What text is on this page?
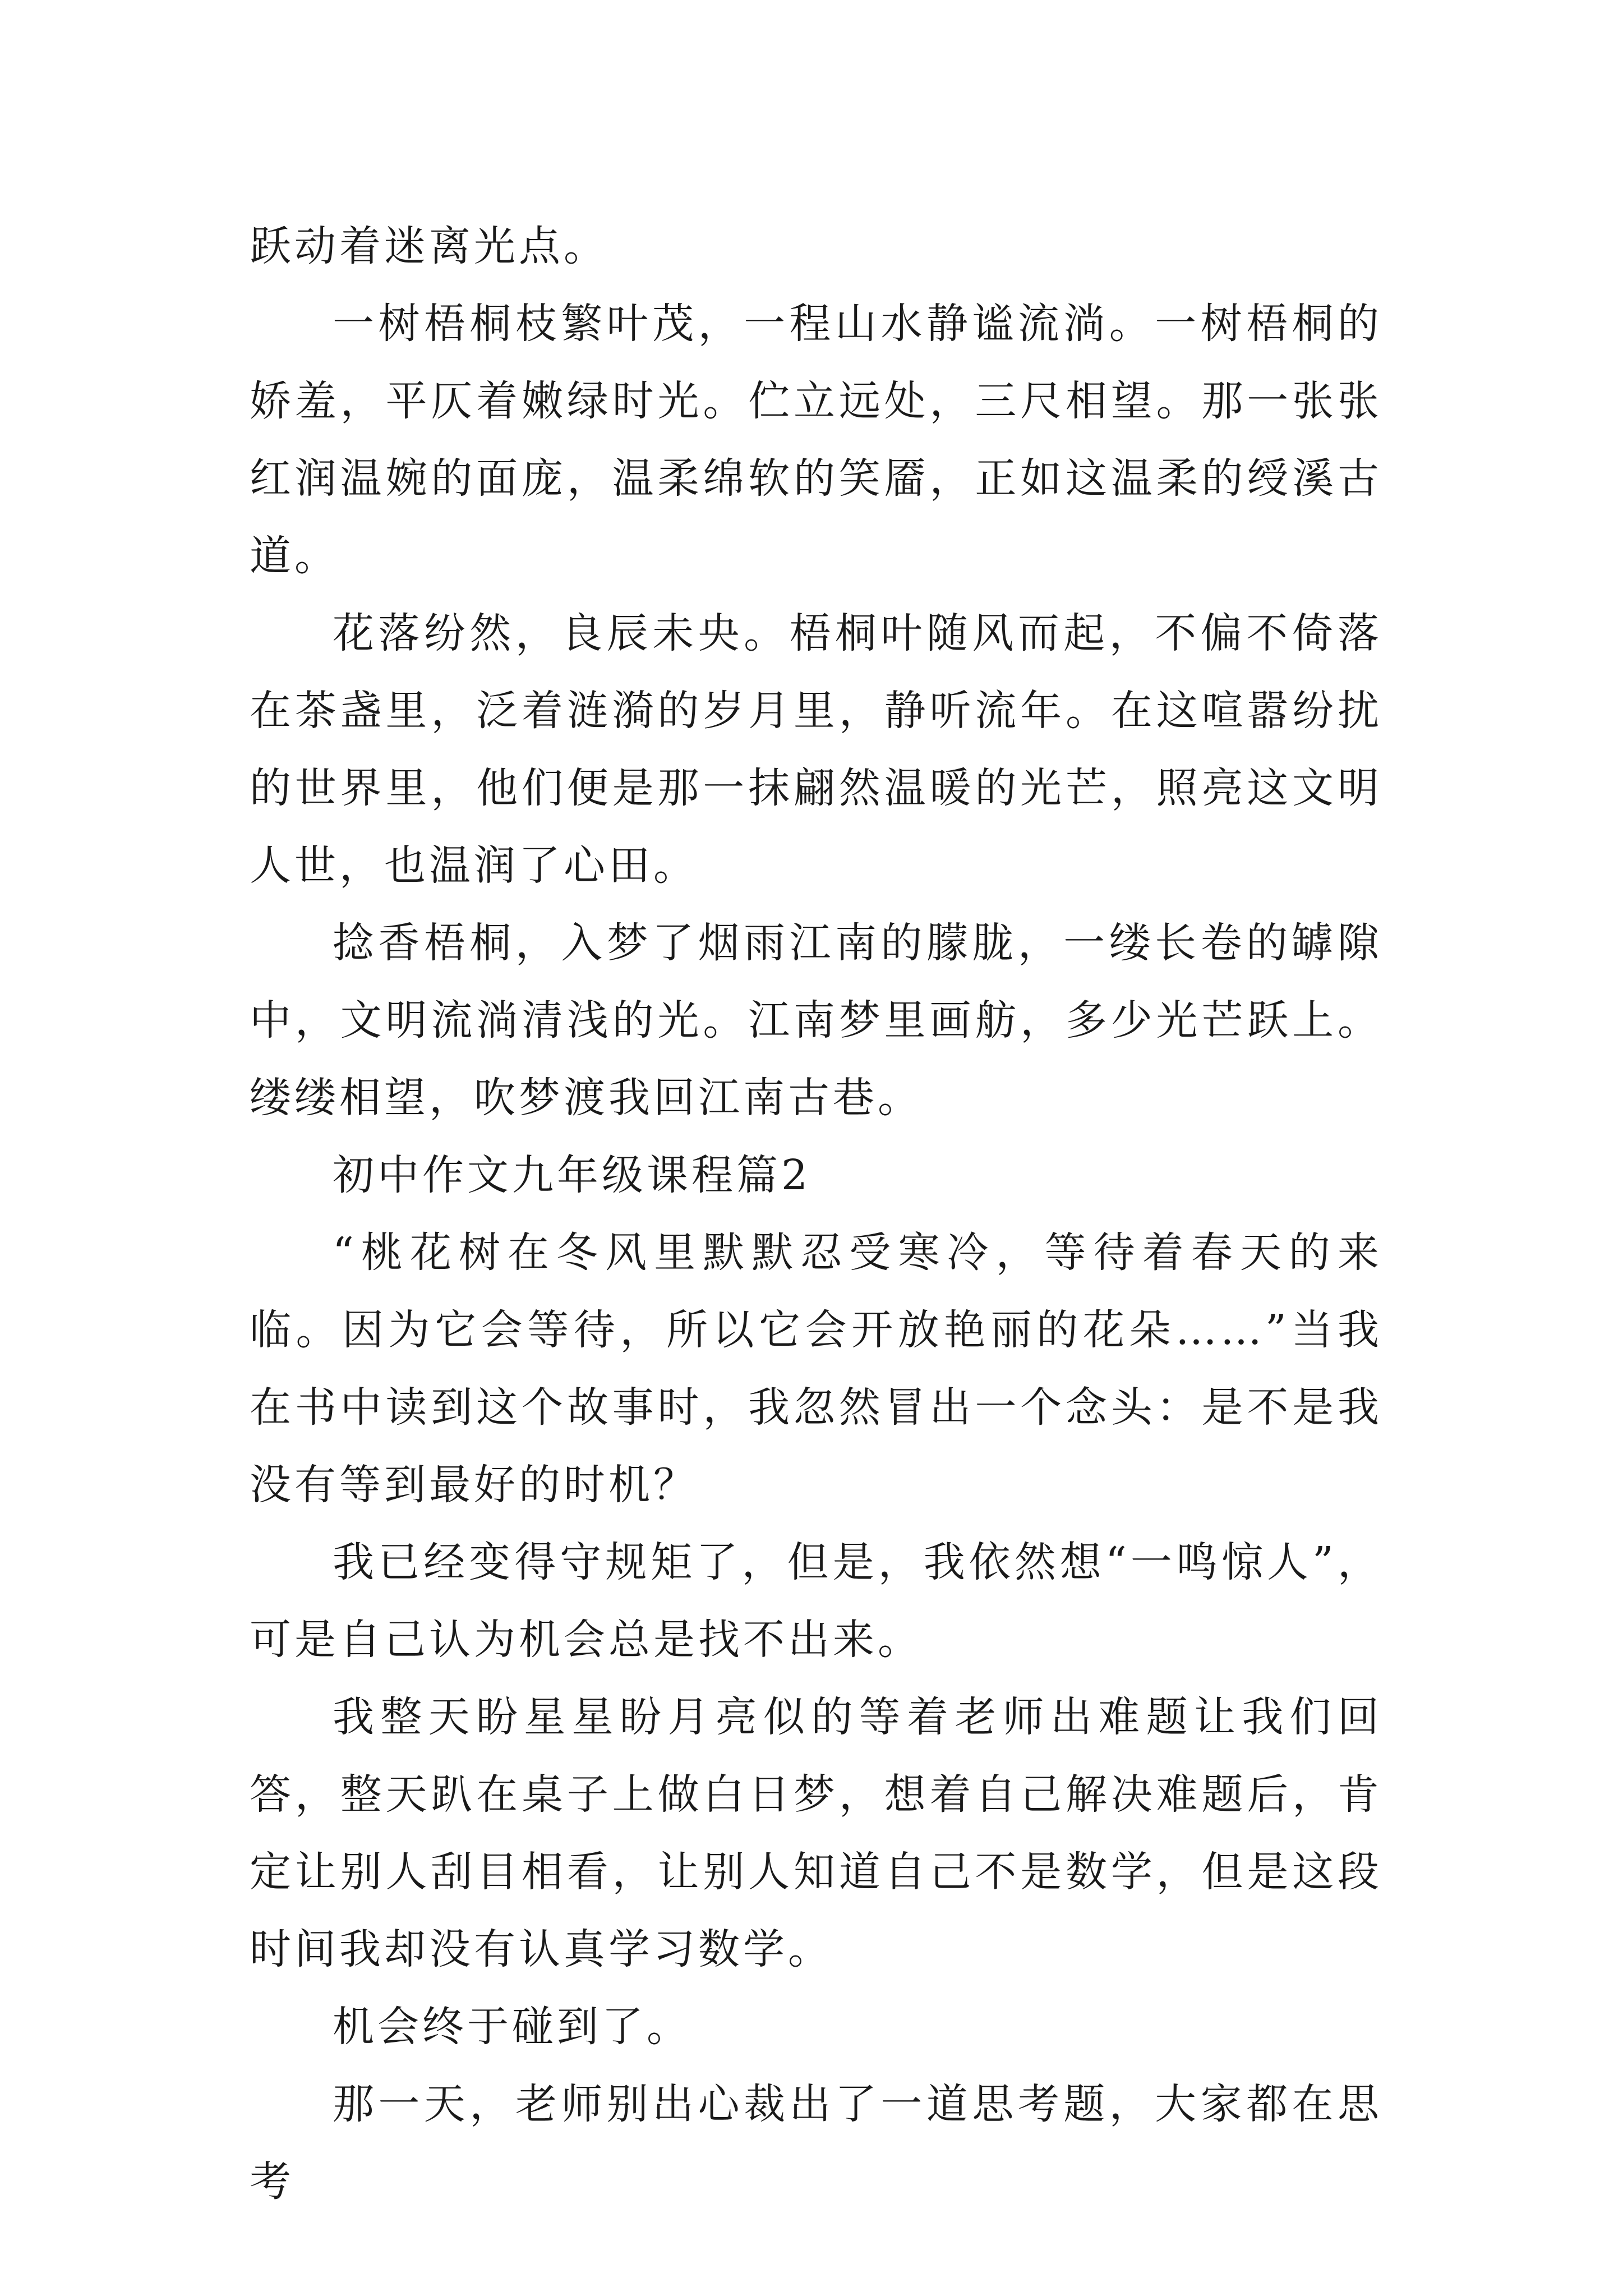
跃动着迷离光点。

一树梧桐枝繁叶茂，一程山水静谧流淌。一树梧桐的娇羞，平仄着嫩绿时光。伫立远处，三尺相望。那一张张红润温婉的面庞，温柔绵软的笑靥，正如这温柔的绶溪古道。

花落纷然，良辰未央。梧桐叶随风而起，不偏不倚落在茶盏里，泛着涟漪的岁月里，静听流年。在这喧嚣纷扰的世界里，他们便是那一抹翩然温暖的光芒，照亮这文明人世，也温润了心田。

捻香梧桐，入梦了烟雨江南的朦胧，一缕长卷的罅隙中，文明流淌清浅的光。江南梦里画舫，多少光芒跃上。缕缕相望，吹梦渡我回江南古巷。

初中作文九年级课程篇2

“桃花树在冬风里默默忍受寒冷，等待着春天的来临。因为它会等待，所以它会开放艳丽的花朵……”当我在书中读到这个故事时，我忽然冒出一个念头：是不是我没有等到最好的时机？

我已经变得守规矩了，但是，我依然想“一鸣惊人”，可是自己认为机会总是找不出来。

我整天盼星星盼月亮似的等着老师出难题让我们回答，整天趴在桌子上做白日梦，想着自己解决难题后，肯定让别人刮目相看，让别人知道自己不是数学，但是这段时间我却没有认真学习数学。

机会终于碰到了。

那一天，老师别出心裁出了一道思考题，大家都在思考
